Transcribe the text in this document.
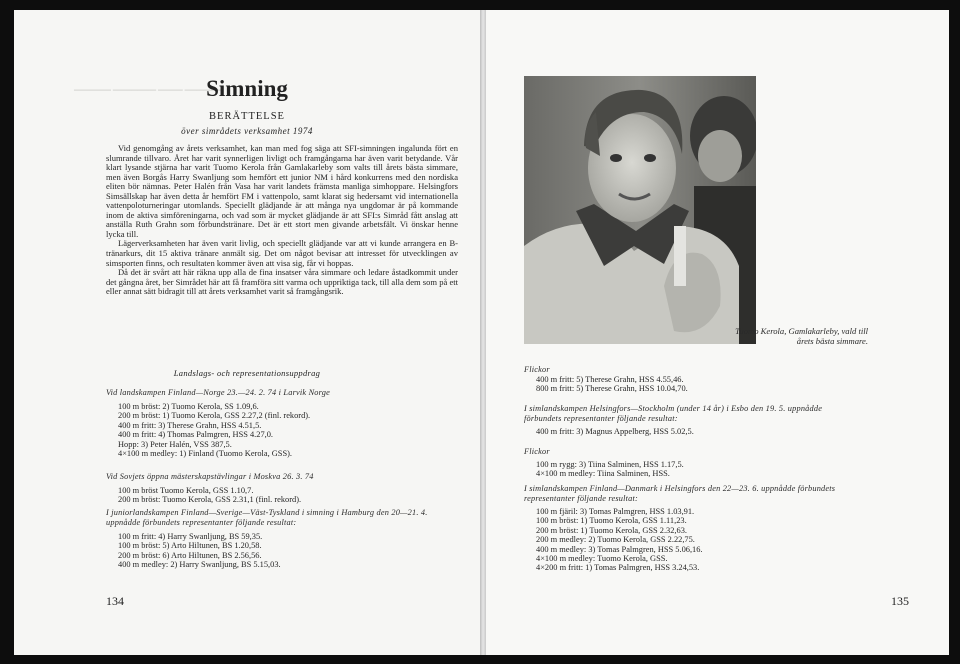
▔▔▔▔▔▔ ▔▔▔▔▔▔▔ ▔▔▔▔ ▔▔▔▔▔▔
Simning
BERÄTTELSE
över simrådets verksamhet 1974

Vid genomgång av årets verksamhet, kan man med fog säga att SFI-simningen ingalunda fört en slumrande tillvaro. Året har varit synnerligen livligt och framgångarna har även varit betydande. Vår klart lysande stjärna har varit Tuomo Kerola från Gamlakarleby som valts till årets bästa simmare, men även Borgås Harry Swanljung som hemfört ett junior NM i hård konkurrens med den nordiska eliten bör nämnas. Peter Halén från Vasa har varit landets främsta manliga simhoppare. Helsingfors Simsällskap har även detta år hemfört FM i vattenpolo, samt klarat sig hedersamt vid internationella vattenpoloturneringar utomlands. Speciellt glädjande är att många nya ungdomar är på kommande inom de aktiva simföreningarna, och vad som är mycket glädjande är att SFI:s Simråd fått anslag att anställa Ruth Grahn som förbundstränare. Det är ett stort men givande arbetsfält. Vi önskar henne lycka till.

Lägerverksamheten har även varit livlig, och speciellt glädjande var att vi kunde arrangera en B-tränarkurs, dit 15 aktiva tränare anmält sig. Det om något bevisar att intresset för utvecklingen av simsporten finns, och resultaten kommer även att visa sig, får vi hoppas.

Då det är svårt att här räkna upp alla de fina insatser våra simmare och ledare åstadkommit under det gångna året, ber Simrådet här att få framföra sitt varma och uppriktiga tack, till alla dem som på ett eller annat sätt bidragit till att årets verksamhet varit så framgångsrik.

Landslags- och representationsuppdrag
Vid landskampen Finland—Norge 23.—24. 2. 74 i Larvik Norge
100 m bröst: 2) Tuomo Kerola, SS 1.09,6.
200 m bröst: 1) Tuomo Kerola, GSS 2.27,2 (finl. rekord).
400 m fritt: 3) Therese Grahn, HSS 4.51,5.
400 m fritt: 4) Thomas Palmgren, HSS 4.27,0.
Hopp: 3) Peter Halén, VSS 387,5.
4×100 m medley: 1) Finland (Tuomo Kerola, GSS).
Vid Sovjets öppna mästerskapstävlingar i Moskva 26. 3. 74
100 m bröst Tuomo Kerola, GSS 1.10,7.
200 m bröst: Tuomo Kerola, GSS 2.31,1 (finl. rekord).
I juniorlandskampen Finland—Sverige—Väst-Tyskland i simning i Hamburg den 20—21. 4. uppnådde förbundets representanter följande resultat:
100 m fritt: 4) Harry Swanljung, BS 59,35.
100 m bröst: 5) Arto Hiltunen, BS 1.20,58.
200 m bröst: 6) Arto Hiltunen, BS 2.56,56.
400 m medley: 2) Harry Swanljung, BS 5.15,03.
134
Tuomo Kerola, Gamlakarleby, vald till årets bästa simmare.
Flickor
400 m fritt: 5) Therese Grahn, HSS 4.55,46.
800 m fritt: 5) Therese Grahn, HSS 10.04,70.
I simlandskampen Helsingfors—Stockholm (under 14 år) i Esbo den 19. 5. uppnådde förbundets representanter följande resultat:
400 m fritt: 3) Magnus Appelberg, HSS 5.02,5.
Flickor
100 m rygg: 3) Tiina Salminen, HSS 1.17,5.
4×100 m medley: Tiina Salminen, HSS.
I simlandskampen Finland—Danmark i Helsingfors den 22—23. 6. uppnådde förbundets representanter följande resultat:
100 m fjäril: 3) Tomas Palmgren, HSS 1.03,91.
100 m bröst: 1) Tuomo Kerola, GSS 1.11,23.
200 m bröst: 1) Tuomo Kerola, GSS 2.32,63.
200 m medley: 2) Tuomo Kerola, GSS 2.22,75.
400 m medley: 3) Tomas Palmgren, HSS 5.06,16.
4×100 m medley: Tuomo Kerola, GSS.
4×200 m fritt: 1) Tomas Palmgren, HSS 3.24,53.
135
